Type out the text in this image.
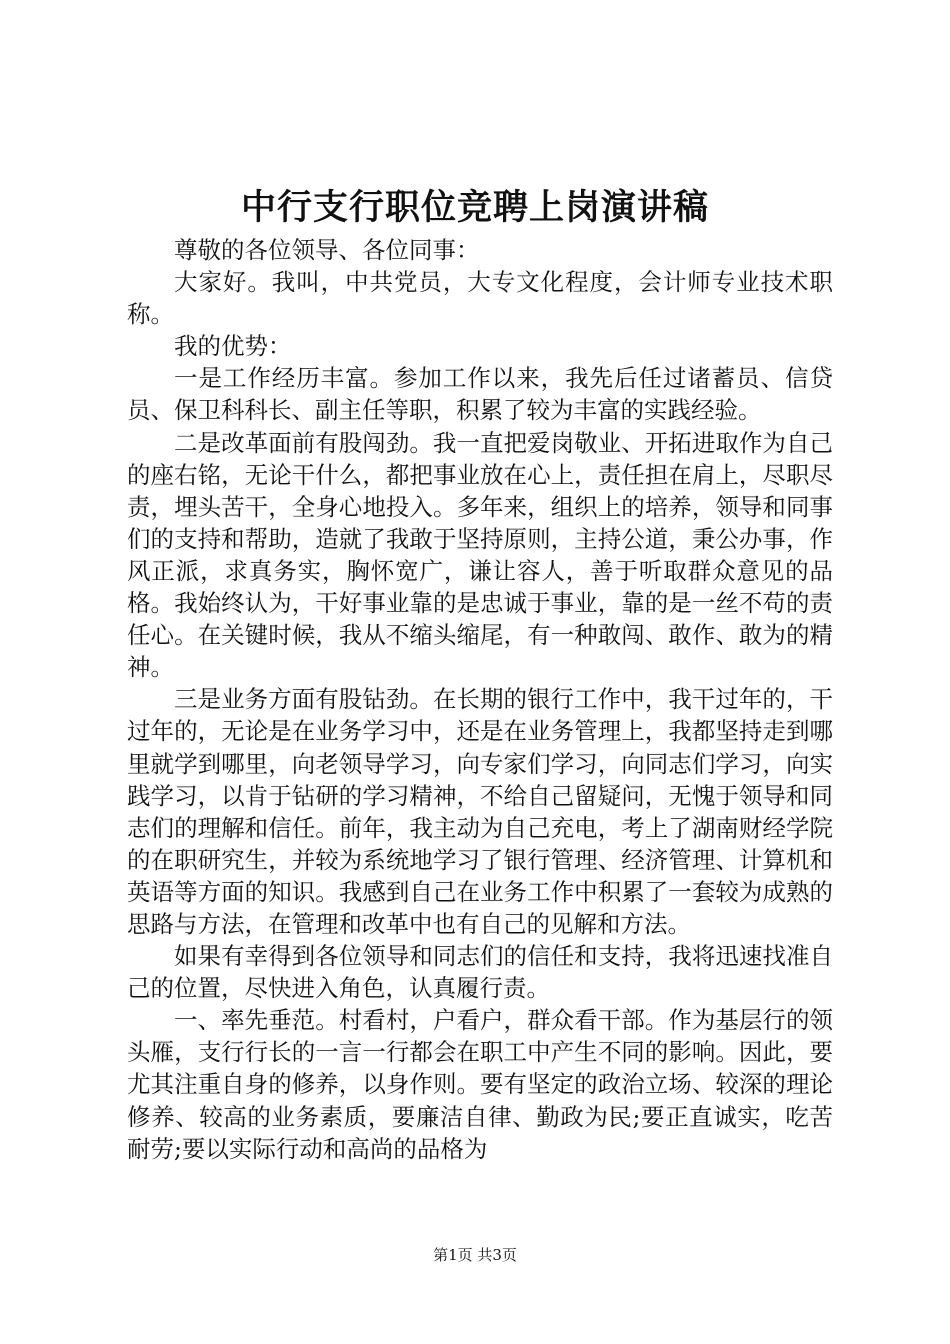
中行支行职位竞聘上岗演讲稿

尊敬的各位领导、各位同事：

大家好。我叫，中共党员，大专文化程度，会计师专业技术职称。

我的优势：

一是工作经历丰富。参加工作以来，我先后任过诸蓄员、信贷员、保卫科科长、副主任等职，积累了较为丰富的实践经验。

二是改革面前有股闯劲。我一直把爱岗敬业、开拓进取作为自己的座右铭，无论干什么，都把事业放在心上，责任担在肩上，尽职尽责，埋头苦干，全身心地投入。多年来，组织上的培养，领导和同事们的支持和帮助，造就了我敢于坚持原则，主持公道，秉公办事，作风正派，求真务实，胸怀宽广，谦让容人，善于听取群众意见的品格。我始终认为，干好事业靠的是忠诚于事业，靠的是一丝不苟的责任心。在关键时候，我从不缩头缩尾，有一种敢闯、敢作、敢为的精神。

三是业务方面有股钻劲。在长期的银行工作中，我干过年的，干过年的，无论是在业务学习中，还是在业务管理上，我都坚持走到哪里就学到哪里，向老领导学习，向专家们学习，向同志们学习，向实践学习，以肯于钻研的学习精神，不给自己留疑问，无愧于领导和同志们的理解和信任。前年，我主动为自己充电，考上了湖南财经学院的在职研究生，并较为系统地学习了银行管理、经济管理、计算机和英语等方面的知识。我感到自己在业务工作中积累了一套较为成熟的思路与方法，在管理和改革中也有自己的见解和方法。

如果有幸得到各位领导和同志们的信任和支持，我将迅速找准自己的位置，尽快进入角色，认真履行责。

一、率先垂范。村看村，户看户，群众看干部。作为基层行的领头雁，支行行长的一言一行都会在职工中产生不同的影响。因此，要尤其注重自身的修养，以身作则。要有坚定的政治立场、较深的理论修养、较高的业务素质，要廉洁自律、勤政为民;要正直诚实，吃苦耐劳;要以实际行动和高尚的品格为

第1页 共3页
